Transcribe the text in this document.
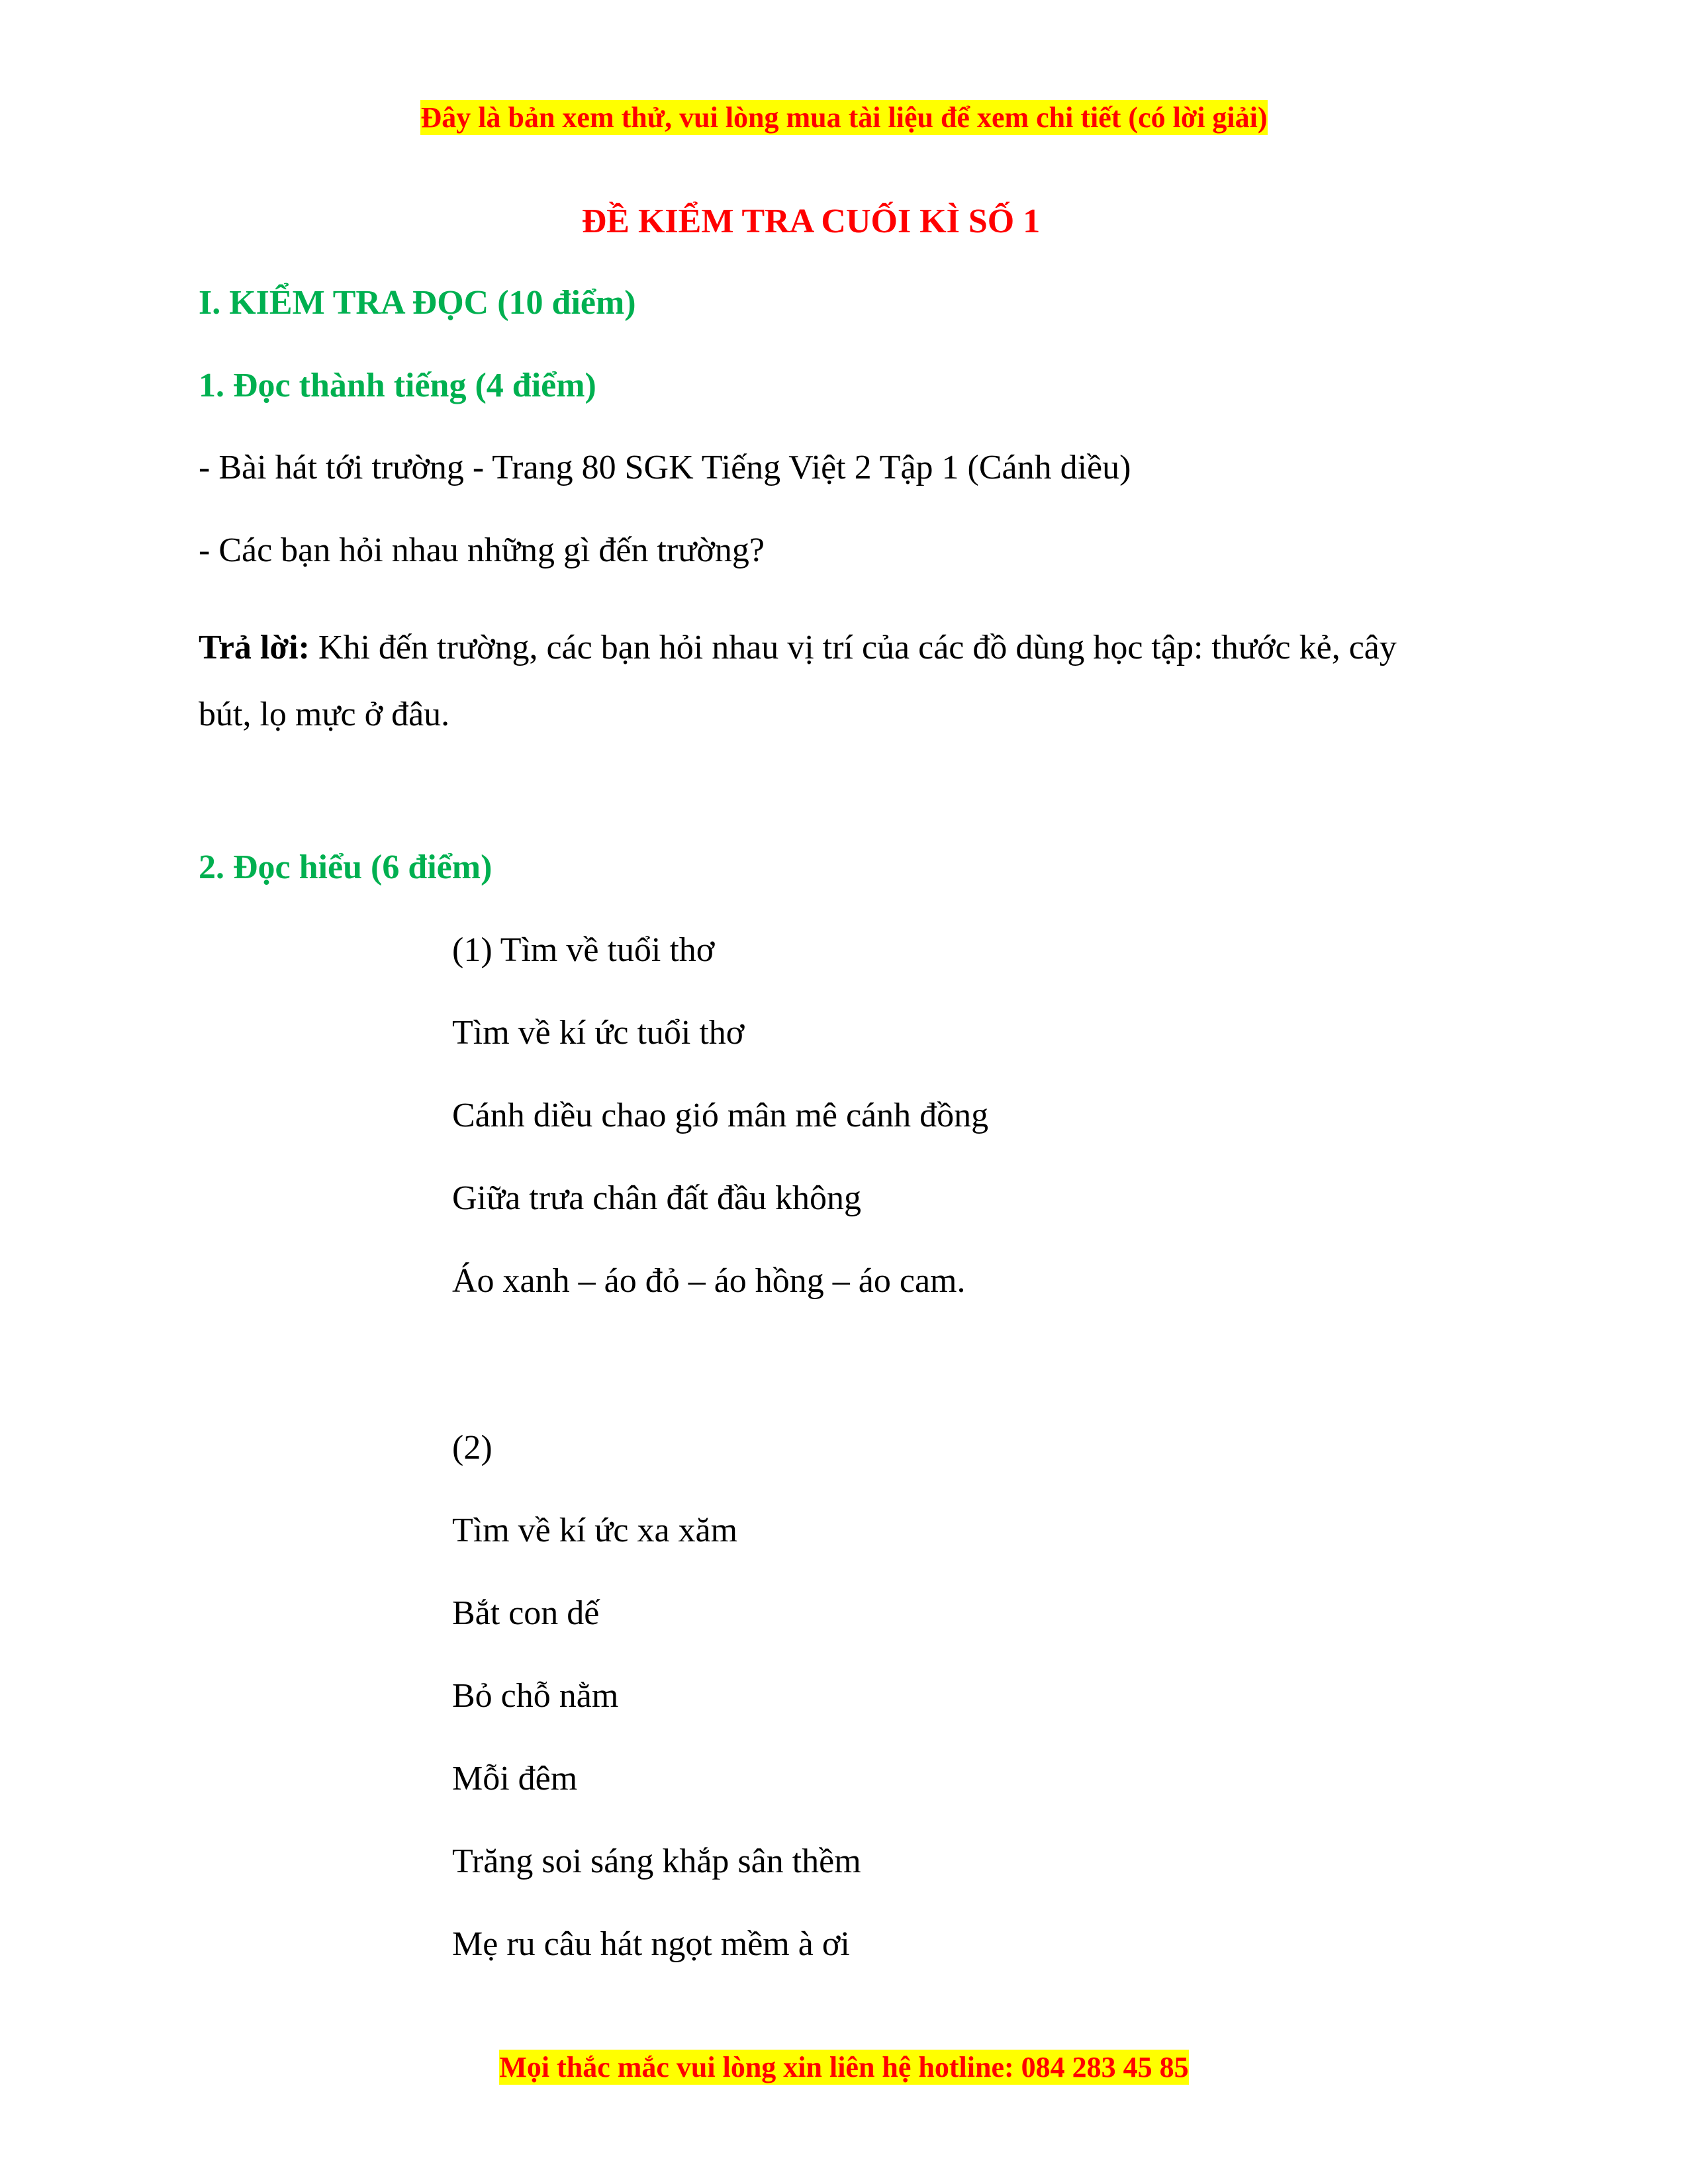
Đây là bản xem thử, vui lòng mua tài liệu để xem chi tiết (có lời giải)
ĐỀ KIỂM TRA CUỐI KÌ SỐ 1
I. KIỂM TRA ĐỌC (10 điểm)
1. Đọc thành tiếng (4 điểm)
- Bài hát tới trường - Trang 80 SGK Tiếng Việt 2 Tập 1 (Cánh diều)
- Các bạn hỏi nhau những gì đến trường?
Trả lời: Khi đến trường, các bạn hỏi nhau vị trí của các đồ dùng học tập: thước kẻ, cây bút, lọ mực ở đâu.
2. Đọc hiểu (6 điểm)
(1) Tìm về tuổi thơ
Tìm về kí ức tuổi thơ
Cánh diều chao gió mân mê cánh đồng
Giữa trưa chân đất đầu không
Áo xanh – áo đỏ – áo hồng – áo cam.
(2)
Tìm về kí ức xa xăm
Bắt con dế
Bỏ chỗ nằm
Mỗi đêm
Trăng soi sáng khắp sân thềm
Mẹ ru câu hát ngọt mềm à ơi
Mọi thắc mắc vui lòng xin liên hệ hotline: 084 283 45 85
